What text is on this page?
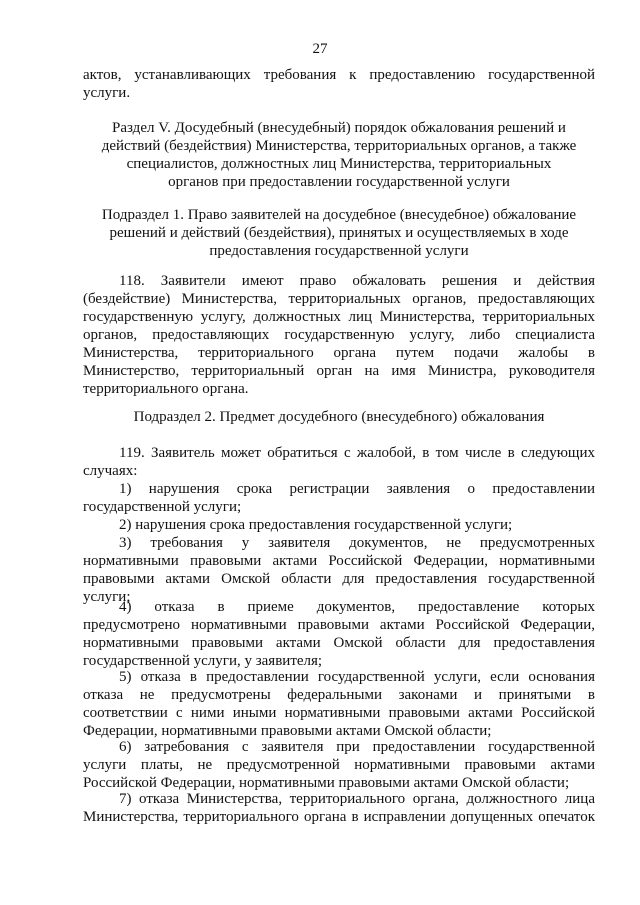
27

актов, устанавливающих требования к предоставлению государственной

услуги.

Раздел V. Досудебный (внесудебный) порядок обжалования решений и

действий (бездействия) Министерства, территориальных органов, а также

специалистов, должностных лиц Министерства, территориальных

органов при предоставлении государственной услуги

Подраздел 1. Право заявителей на досудебное (внесудебное) обжалование

решений и действий (бездействия), принятых и осуществляемых в ходе

предоставления государственной услуги

118. Заявители имеют право обжаловать решения и действия

(бездействие) Министерства, территориальных органов, предоставляющих

государственную услугу, должностных лиц Министерства, территориальных

органов, предоставляющих государственную услугу, либо специалиста

Министерства, территориального органа путем подачи жалобы в

Министерство, территориальный орган на имя Министра, руководителя

территориального органа.

Подраздел 2. Предмет досудебного (внесудебного) обжалования

119. Заявитель может обратиться с жалобой, в том числе в следующих

случаях:

1) нарушения срока регистрации заявления о предоставлении

государственной услуги;

2) нарушения срока предоставления государственной услуги;

3) требования у заявителя документов, не предусмотренных

нормативными правовыми актами Российской Федерации, нормативными

правовыми актами Омской области для предоставления государственной

услуги;

4) отказа в приеме документов, предоставление которых

предусмотрено нормативными правовыми актами Российской Федерации,

нормативными правовыми актами Омской области для предоставления

государственной услуги, у заявителя;

5) отказа в предоставлении государственной услуги, если основания

отказа не предусмотрены федеральными законами и принятыми в

соответствии с ними иными нормативными правовыми актами Российской

Федерации, нормативными правовыми актами Омской области;

6) затребования с заявителя при предоставлении государственной

услуги платы, не предусмотренной нормативными правовыми актами

Российской Федерации, нормативными правовыми актами Омской области;

7) отказа Министерства, территориального органа, должностного лица

Министерства, территориального органа в исправлении допущенных опечаток
